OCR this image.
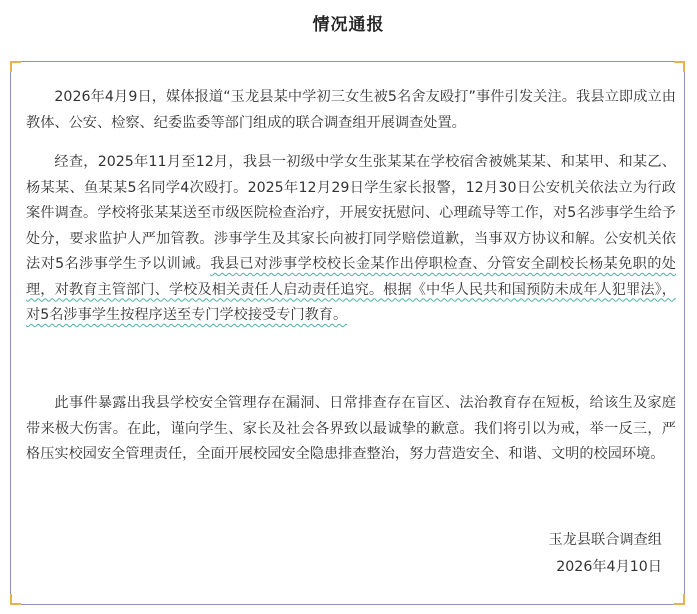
情况通报

2026年4月9日，媒体报道“玉龙县某中学初三女生被5名舍友殴打”事件引发关注。我县立即成立由教体、公安、检察、纪委监委等部门组成的联合调查组开展调查处置。

经查，2025年11月至12月，我县一初级中学女生张某某在学校宿舍被姚某某、和某甲、和某乙、杨某某、鱼某某5名同学4次殴打。2025年12月29日学生家长报警，12月30日公安机关依法立为行政案件调查。学校将张某某送至市级医院检查治疗，开展安抚慰问、心理疏导等工作，对5名涉事学生给予处分，要求监护人严加管教。涉事学生及其家长向被打同学赔偿道歉，当事双方协议和解。公安机关依法对5名涉事学生予以训诫。我县已对涉事学校校长金某作出停职检查、分管安全副校长杨某免职的处理，对教育主管部门、学校及相关责任人启动责任追究。根据《中华人民共和国预防未成年人犯罪法》，对5名涉事学生按程序送至专门学校接受专门教育。

此事件暴露出我县学校安全管理存在漏洞、日常排查存在盲区、法治教育存在短板，给该生及家庭带来极大伤害。在此，谨向学生、家长及社会各界致以最诚挚的歉意。我们将引以为戒，举一反三，严格压实校园安全管理责任，全面开展校园安全隐患排查整治，努力营造安全、和谐、文明的校园环境。

玉龙县联合调查组
2026年4月10日
